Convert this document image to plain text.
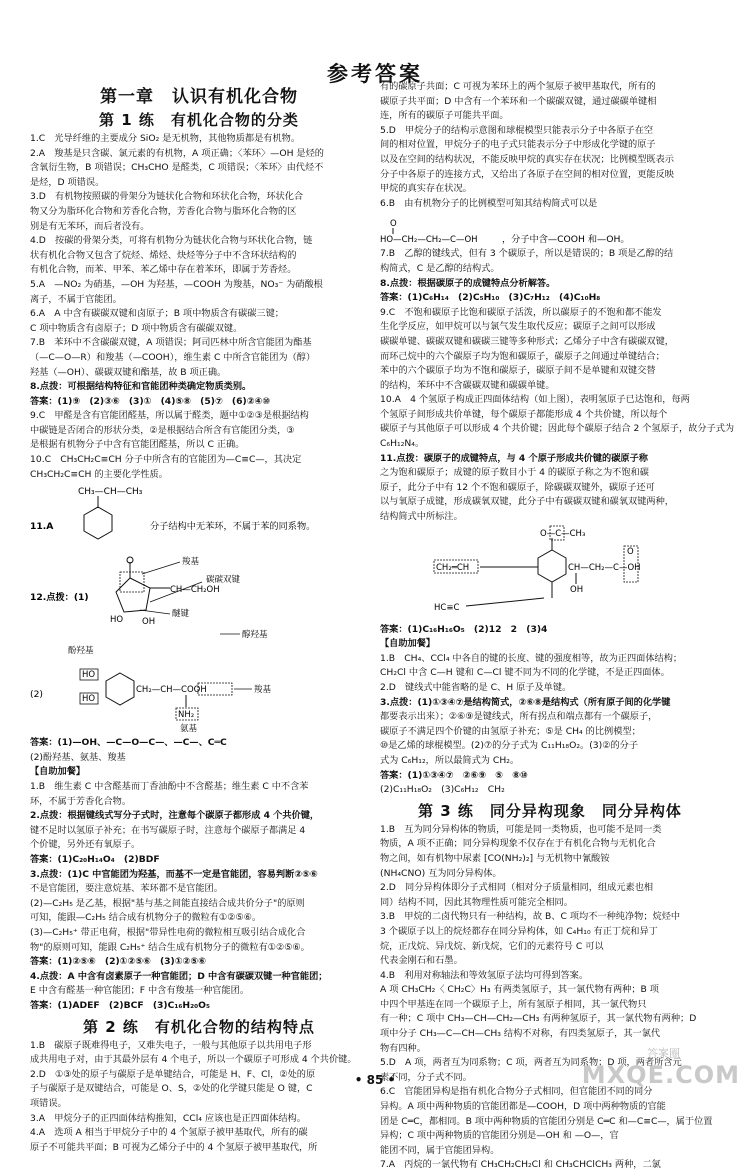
参考答案
第一章　认识有机化合物
第 1 练　有机化合物的分类
1.C　光导纤维的主要成分 SiO₂ 是无机物，其他物质都是有机物。
2.A　羧基是只含碳、氯元素的有机物，A 项正确；〈苯环〉—OH 是烃的
含氧衍生物，B 项错误；CH₃CHO 是醛类，C 项错误；〈苯环〉由代烃不
是烃，D 项错误。
3.D　有机物按照碳的骨架分为链状化合物和环状化合物，环状化合
物又分为脂环化合物和芳香化合物，芳香化合物与脂环化合物的区
别是有无苯环，而后者没有。
4.D　按碳的骨架分类，可将有机物分为链状化合物与环状化合物，链
状有机化合物又包含了烷烃、烯烃、炔烃等分子中不含环状结构的
有机化合物，而苯、甲苯、苯乙烯中存在着苯环，即属于芳香烃。
5.A　—NO₂ 为硝基，—OH 为羟基，—COOH 为羧基，NO₃⁻ 为硝酸根
离子，不属于官能团。
6.A　A 中含有碳碳双键和卤原子；B 项中物质含有碳碳三键；
C 项中物质含有卤原子；D 项中物质含有碳碳双键。
7.B　苯环中不含碳碳双键，A 项错误；阿司匹林中所含官能团为酯基
（—C—O—R）和羧基（—COOH），维生素 C 中所含官能团为（醇）
羟基（—OH）、碳碳双键和酯基，故 B 项正确。
8.点拨：可根据结构特征和官能团种类确定物质类别。
答案：(1)⑨　(2)③⑥　(3)①　(4)⑤⑧　(5)⑦　(6)②④⑩
9.C　甲醛是含有官能团醛基，所以属于醛类，题中①②③是根据结构
中碳链是否闭合的形状分类，②是根据结合所含有官能团分类，③
是根据有机物分子中含有官能团醛基，所以 C 正确。
10.C　CH₃CH₂C≡CH 分子中所含有的官能团为—C≡C—，其决定
CH₃CH₂C≡CH 的主要化学性质。
CH₃—CH—CH₃
11.A	分子结构中无苯环，不属于苯的同系物。
12.点拨：(1)
HO OH
CH—CH₂OH
羧基
碳碳双键
醚键
醇羟基
酚羟基
(2)
HO
HO
CH₂—CH—COOH	羧基
NH₂
氨基
答案：(1)—OH、—C—O—C—、—C—、C═C
(2)酚羟基、氨基、羧基
【自助加餐】
1.B　维生素 C 中含醛基而丁香油酚中不含醛基；维生素 C 中不含苯
环，不属于芳香化合物。
2.点拨：根据键线式写分子式时，注意每个碳原子都形成 4 个共价键，
键不足时以氢原子补充；在书写碳原子时，注意每个碳原子都满足 4
个价键，另外还有氧原子。
答案：(1)C₂₀H₁₄O₄　(2)BDF
3.点拨：(1)C 中官能团为羟基，而基不一定是官能团，容易判断②⑤⑥
不是官能团，要注意烷基、苯环都不是官能团。
(2)—C₂H₅ 是乙基，根据"基与基之间能直接结合成共价分子"的原则
可知，能跟—C₂H₅ 结合成有机物分子的微粒有①②⑤⑥。
(3)—C₂H₅⁺ 带正电荷，根据"带异性电荷的微粒相互吸引结合成化合
物"的原则可知，能跟 C₂H₅⁺ 结合生成有机物分子的微粒有①②⑤⑥。
答案：(1)②⑤⑥　(2)①②⑤⑥　(3)①②⑤⑥
4.点拨：A 中含有卤素原子一种官能团；D 中含有碳碳双键一种官能团；
E 中含有醛基一种官能团；F 中含有羧基一种官能团。
答案：(1)ADEF　(2)BCF　(3)C₁₆H₂₀O₅
第 2 练　有机化合物的结构特点
1.B　碳原子既难得电子，又难失电子，一般与其他原子以共用电子形
成共用电子对，由于其最外层有 4 个电子，所以一个碳原子可形成 4 个共价键。
2.D　①③处的原子与碳原子是单键结合，可能是 H、F、Cl，②处的原
子与碳原子是双键结合，可能是 O、S，②处的化学键只能是 O 键，C
项错误。
3.A　甲烷分子的正四面体结构推知，CCl₄ 应该也是正四面体结构。
4.A　选项 A 相当于甲烷分子中的 4 个氢原子被甲基取代，所有的碳
原子不可能共平面；B 可视为乙烯分子中的 4 个氢原子被甲基取代，所
有的碳原子共面；C 可视为苯环上的两个氢原子被甲基取代，所有的
碳原子共平面；D 中含有一个苯环和一个碳碳双键，通过碳碳单键相
连，所有的碳原子可能共平面。
5.D　甲烷分子的结构示意图和球棍模型只能表示分子中各原子在空
间的相对位置，甲烷分子的电子式只能表示分子中形成化学键的原子
以及在空间的结构状况，不能反映甲烷的真实存在状况；比例模型既表示
分子中各原子的连接方式，又给出了各原子在空间的相对位置，更能反映
甲烷的真实存在状况。
6.B　由有机物分子的比例模型可知其结构简式可以是
O
HO—CH₂—CH₂—C—OH	，分子中含—COOH 和—OH。
7.B　乙醇的键线式，但有 3 个碳原子，所以是错误的；B 项是乙醇的结
构简式，C 是乙醇的结构式。
8.点拨：根据碳原子的成键特点分析解答。
答案：(1)C₆H₁₄　(2)C₅H₁₀　(3)C₇H₁₂　(4)C₁₀H₈
9.C　不饱和碳原子比饱和碳原子活泼，所以碳原子的不饱和都不能发
生化学反应，如甲烷可以与氯气发生取代反应；碳原子之间可以形成
碳碳单键、碳碳双键和碳碳三键等多种形式；乙烯分子中含有碳碳双键，
而环己烷中的六个碳原子均为饱和碳原子，碳原子之间通过单键结合；
苯中的六个碳原子均为不饱和碳原子，碳原子间不是单键和双键交替
的结构，苯环中不含碳碳双键和碳碳单键。
10.A　4 个氢原子构成正四面体结构（如上图），表明氢原子已达饱和，每两
个氢原子间形成共价单键，每个碳原子都能形成 4 个共价键，所以每个
碳原子与其他原子可以形成 4 个共价键；因此每个碳原子结合 2 个氢原子，故分子式为
C₆H₁₂N₄。
11.点拨：碳原子的成键特点，与 4 个原子形成共价键的碳原子称
之为饱和碳原子；成键的原子数目小于 4 的碳原子称之为不饱和碳
原子，此分子中有 12 个不饱和碳原子，除碳碳双键外，碳原子还可
以与氧原子成键，形成碳氧双键，此分子中有碳碳双键和碳氧双键两种，
结构简式中所标注。
O—C—CH₃
CH₂═CH	CH—CH₂—C—OH
O
OH
HC≡C
答案：(1)C₁₆H₁₆O₅　(2)12　2　(3)4
【自助加餐】
1.B　CH₄、CCl₄ 中各自的键的长度、键的强度相等，故为正四面体结构；
CH₂Cl 中含 C—H 键和 C—Cl 键不同为不同的化学键，不是正四面体。
2.D　键线式中能省略的是 C、H 原子及单键。
3.点拨：(1)①③④⑦是结构简式，②⑥⑧是结构式（所有原子间的化学键
都要表示出来）；②⑥⑨是键线式，所有拐点和端点都有一个碳原子，
碳原子不满足四个价键的由氢原子补充；⑤是 CH₄ 的比例模型；
⑩是乙烯的球棍模型。(2)⑦的分子式为 C₁₁H₁₈O₂。(3)②的分子
式为 C₆H₁₂，所以最简式为 CH₂。
答案：(1)①③④⑦　②⑥⑨　⑤　⑧⑩
(2)C₁₁H₁₈O₂　(3)C₆H₁₂　CH₂
第 3 练　同分异构现象　同分异构体
1.B　互为同分异构体的物质，可能是同一类物质，也可能不是同一类
物质，A 项不正确；同分异构现象不仅存在于有机化合物与无机化合
物之间，如有机物中尿素 [CO(NH₂)₂] 与无机物中氰酸铵
(NH₄CNO) 互为同分异构体。
2.D　同分异构体即分子式相同（相对分子质量相同，组成元素也相
同）结构不同，因此其物理性质可能完全相同。
3.B　甲烷的二卤代物只有一种结构，故 B、C 项均不一种纯净物；烷烃中
3 个碳原子以上的烷烃都存在同分异构体，如 C₄H₁₀ 有正丁烷和异丁
烷，正戊烷、异戊烷、新戊烷，它们的元素符号 C 可以
代表金刚石和石墨。
4.B　利用对称轴法和等效氢原子法均可得到答案。
A 项 CH₃CH₂〈 CH₂C〉H₃ 有两类氢原子，其一氯代物有两种；B 项
中四个甲基连在同一个碳原子上，所有氢原子相同，其一氯代物只
有一种；C 项中 CH₃—CH—CH₂—CH₃ 有两种氢原子，其一氯代物有两种；D
项中分子 CH₃—C—CH—CH₃ 结构不对称，有四类氢原子，其一氯代
物有四种。
5.D　A 项，两者互为同系物；C 项，两者互为同系物；D 项，两者所含元
素不同，分子式不同。
6.C　官能团异构是指有机化合物分子式相同，但官能团不同的同分
异构。A 项中两种物质的官能团都是—COOH，D 项中两种物质的官能
团是 C═C，都相同。B 项中两种物质的官能团分别是 C═C 和—C≡C—，属于位置
异构；C 项中两种物质的官能团分别是—OH 和 —O—，官
能团不同，属于官能团异构。
7.A　丙烷的一氯代物有 CH₃CH₂CH₂Cl 和 CH₃CHClCH₃ 两种，二氯
• 85 •
答案圈
MXQE.COM
